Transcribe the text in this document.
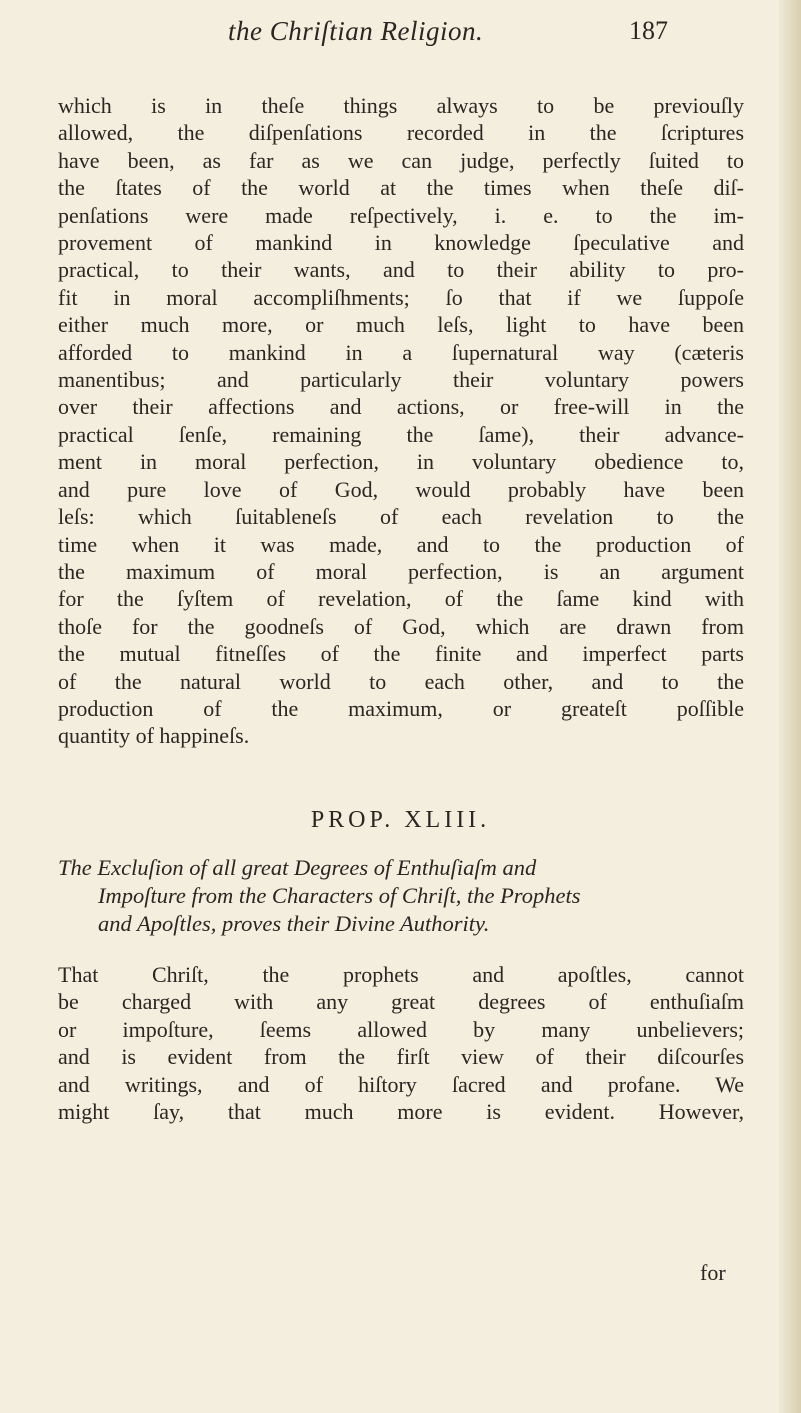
the Chriſtian Religion.	187
which is in theſe things always to be previouſly
allowed, the diſpenſations recorded in the ſcriptures
have been, as far as we can judge, perfectly ſuited to
the ſtates of the world at the times when theſe diſ-
penſations were made reſpectively, i. e. to the im-
provement of mankind in knowledge ſpeculative and
practical, to their wants, and to their ability to pro-
fit in moral accompliſhments; ſo that if we ſuppoſe
either much more, or much leſs, light to have been
afforded to mankind in a ſupernatural way (cæteris
manentibus; and particularly their voluntary powers
over their affections and actions, or free-will in the
practical ſenſe, remaining the ſame), their advance-
ment in moral perfection, in voluntary obedience to,
and pure love of God, would probably have been
leſs: which ſuitableneſs of each revelation to the
time when it was made, and to the production of
the maximum of moral perfection, is an argument
for the ſyſtem of revelation, of the ſame kind with
thoſe for the goodneſs of God, which are drawn from
the mutual fitneſſes of the finite and imperfect parts
of the natural world to each other, and to the
production of the maximum, or greateſt poſſible
quantity of happineſs.
PROP. XLIII.
The Excluſion of all great Degrees of Enthuſiaſm and
Impoſture from the Characters of Chriſt, the Prophets
and Apoſtles, proves their Divine Authority.
That Chriſt, the prophets and apoſtles, cannot
be charged with any great degrees of enthuſiaſm
or impoſture, ſeems allowed by many unbelievers;
and is evident from the firſt view of their diſcourſes
and writings, and of hiſtory ſacred and profane. We
might ſay, that much more is evident. However,
for
